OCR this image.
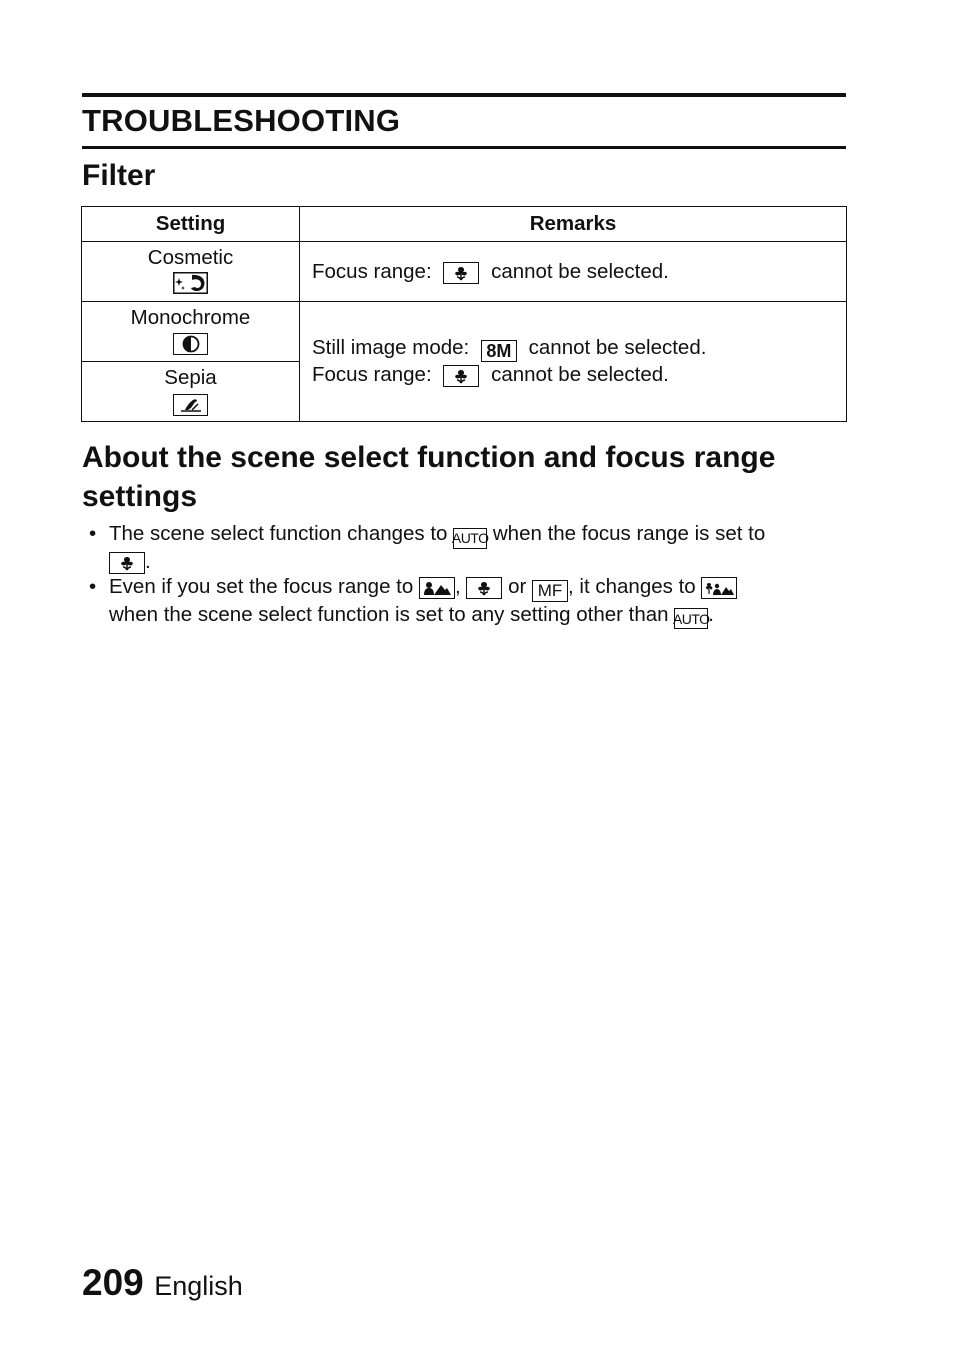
TROUBLESHOOTING
Filter
Setting	Remarks

Cosmetic	Focus range: cannot be selected.

Monochrome	Still image mode: 8M cannot be selected.
Focus range: cannot be selected.

Sepia	
About the scene select function and focus range
settings
• The scene select function changes to AUTO when the focus range is set to

.
• Even if you set the focus range to , or MF , it changes to

when the scene select function is set to any setting other than AUTO
.
209 English
